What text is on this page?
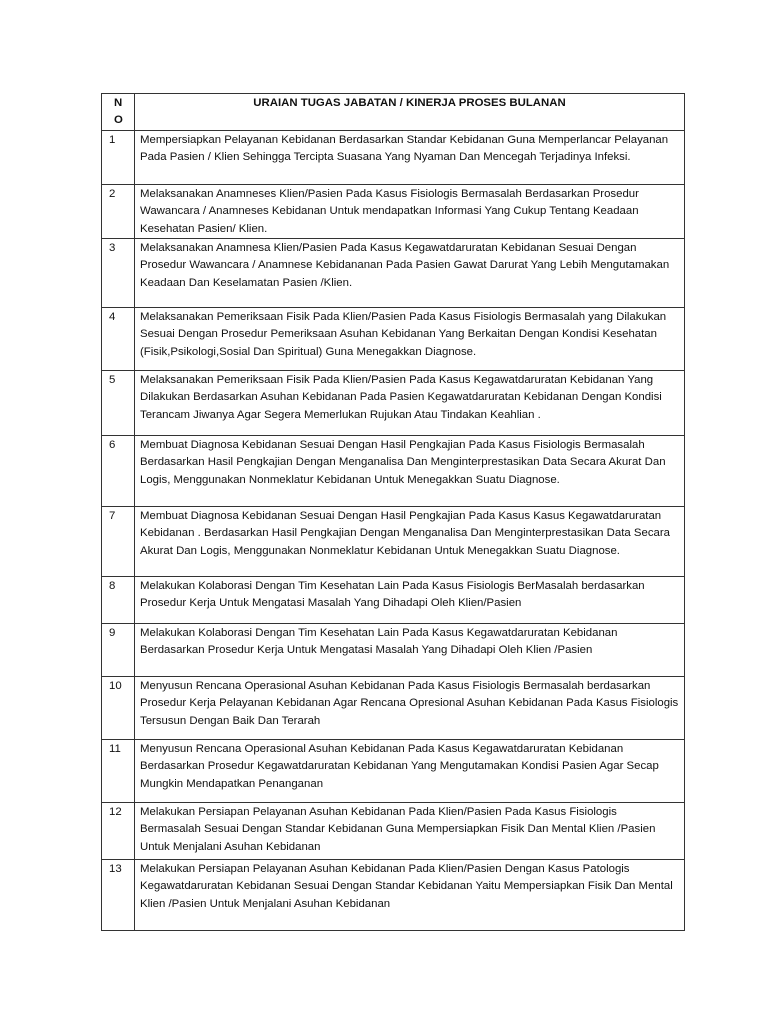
NO	URAIAN TUGAS JABATAN / KINERJA PROSES BULANAN
1	Mempersiapkan Pelayanan Kebidanan Berdasarkan Standar Kebidanan Guna Memperlancar Pelayanan Pada Pasien / Klien Sehingga Tercipta Suasana Yang Nyaman Dan Mencegah Terjadinya Infeksi.
2	Melaksanakan Anamneses Klien/Pasien Pada Kasus Fisiologis Bermasalah Berdasarkan Prosedur Wawancara / Anamneses Kebidanan Untuk mendapatkan Informasi Yang Cukup Tentang Keadaan Kesehatan Pasien/ Klien.
3	Melaksanakan Anamnesa Klien/Pasien Pada Kasus Kegawatdaruratan Kebidanan Sesuai Dengan Prosedur Wawancara / Anamnese Kebidananan Pada Pasien Gawat Darurat Yang Lebih Mengutamakan Keadaan Dan Keselamatan Pasien /Klien.
4	Melaksanakan Pemeriksaan Fisik Pada Klien/Pasien Pada Kasus Fisiologis Bermasalah yang Dilakukan Sesuai Dengan Prosedur Pemeriksaan Asuhan Kebidanan Yang Berkaitan Dengan Kondisi Kesehatan (Fisik,Psikologi,Sosial Dan Spiritual) Guna Menegakkan Diagnose.
5	Melaksanakan Pemeriksaan Fisik Pada Klien/Pasien Pada Kasus Kegawatdaruratan Kebidanan Yang Dilakukan Berdasarkan Asuhan Kebidanan Pada Pasien Kegawatdaruratan Kebidanan Dengan Kondisi Terancam Jiwanya Agar Segera Memerlukan Rujukan Atau Tindakan Keahlian .
6	Membuat Diagnosa Kebidanan Sesuai Dengan Hasil Pengkajian Pada Kasus Fisiologis Bermasalah Berdasarkan Hasil Pengkajian Dengan Menganalisa Dan Menginterprestasikan Data Secara Akurat Dan Logis, Menggunakan Nonmeklatur Kebidanan Untuk Menegakkan Suatu Diagnose.
7	Membuat Diagnosa Kebidanan Sesuai Dengan Hasil Pengkajian Pada Kasus Kasus Kegawatdaruratan Kebidanan . Berdasarkan Hasil Pengkajian Dengan Menganalisa Dan Menginterprestasikan Data Secara Akurat Dan Logis, Menggunakan Nonmeklatur Kebidanan Untuk Menegakkan Suatu Diagnose.
8	Melakukan Kolaborasi Dengan Tim Kesehatan Lain Pada Kasus Fisiologis BerMasalah berdasarkan Prosedur Kerja Untuk Mengatasi Masalah Yang Dihadapi Oleh Klien/Pasien
9	Melakukan Kolaborasi Dengan Tim Kesehatan Lain Pada Kasus Kegawatdaruratan Kebidanan Berdasarkan Prosedur Kerja Untuk Mengatasi Masalah Yang Dihadapi Oleh Klien /Pasien
10	Menyusun Rencana Operasional Asuhan Kebidanan Pada Kasus Fisiologis Bermasalah berdasarkan Prosedur Kerja Pelayanan Kebidanan Agar Rencana Opresional Asuhan Kebidanan Pada Kasus Fisiologis Tersusun Dengan Baik Dan Terarah
11	Menyusun Rencana Operasional Asuhan Kebidanan Pada Kasus Kegawatdaruratan Kebidanan Berdasarkan Prosedur Kegawatdaruratan Kebidanan Yang Mengutamakan Kondisi Pasien Agar Secap Mungkin Mendapatkan Penanganan
12	Melakukan Persiapan Pelayanan Asuhan Kebidanan Pada Klien/Pasien Pada Kasus Fisiologis Bermasalah Sesuai Dengan Standar Kebidanan Guna Mempersiapkan Fisik Dan Mental Klien /Pasien Untuk Menjalani Asuhan Kebidanan
13	Melakukan Persiapan Pelayanan Asuhan Kebidanan Pada Klien/Pasien Dengan Kasus Patologis Kegawatdaruratan Kebidanan Sesuai Dengan Standar Kebidanan Yaitu Mempersiapkan Fisik Dan Mental Klien /Pasien Untuk Menjalani Asuhan Kebidanan
